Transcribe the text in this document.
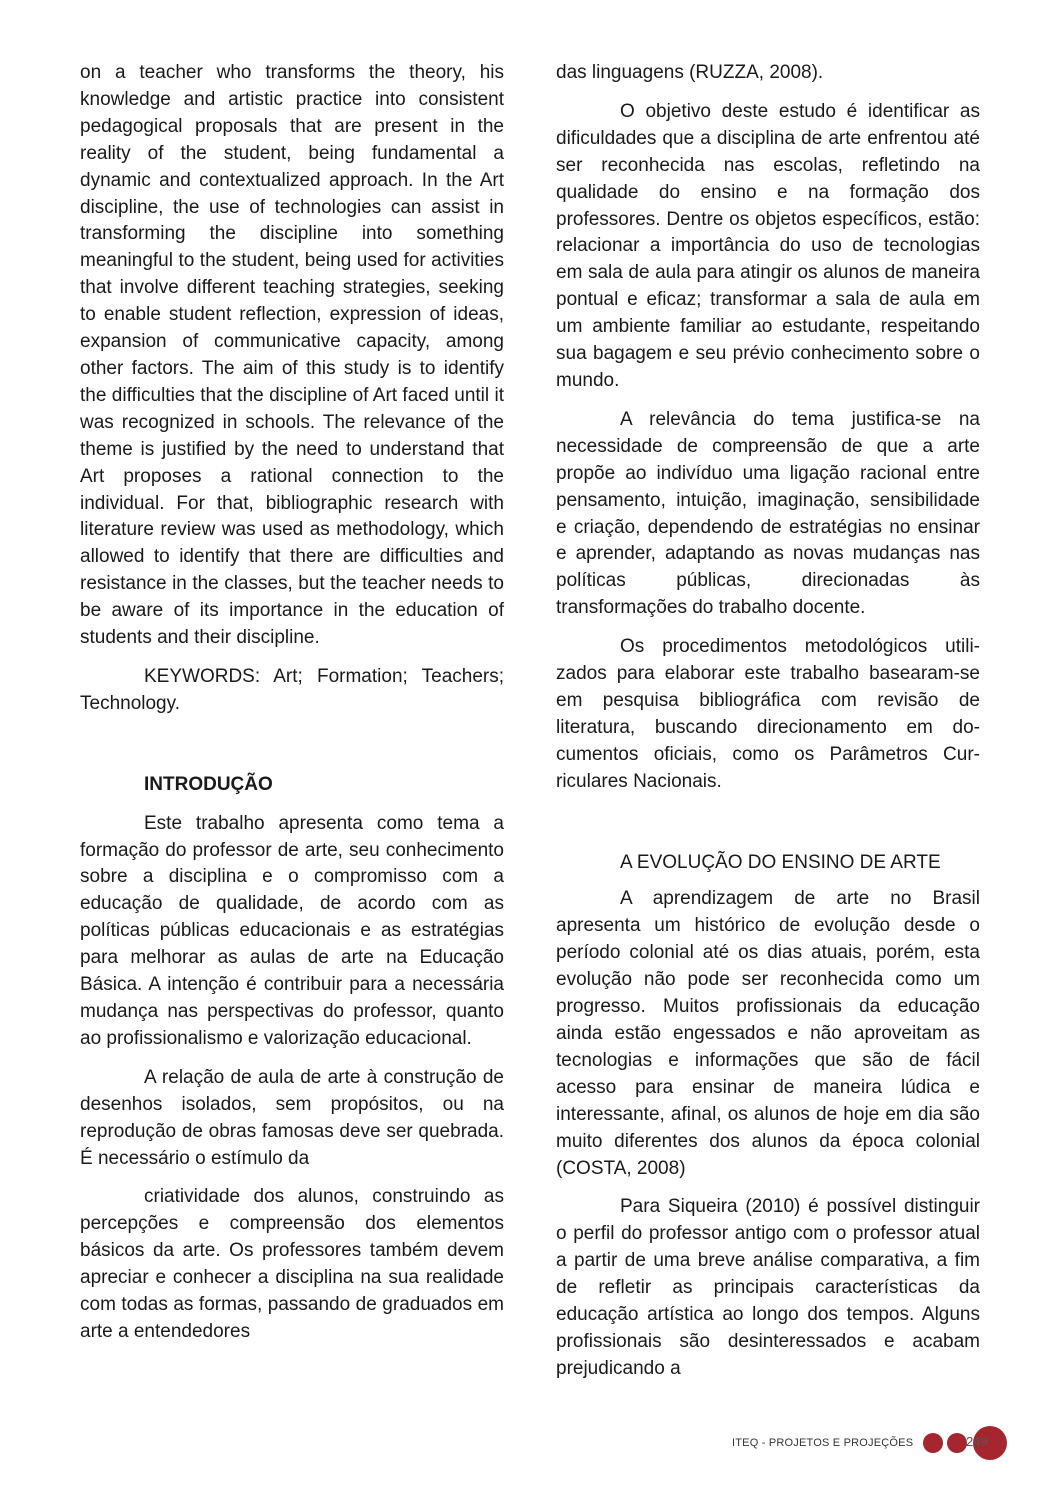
on a teacher who transforms the theory, his knowledge and artistic practice into consistent pedagogical proposals that are present in the reality of the student, being fundamental a dynamic and contextualized approach. In the Art discipline, the use of technologies can assist in transforming the discipline into something meaningful to the student, being used for activities that involve different teaching strategies, seeking to enable student reflection, expression of ideas, expansion of communicative capacity, among other factors. The aim of this study is to identify the difficulties that the discipline of Art faced until it was recognized in schools. The relevance of the theme is justified by the need to understand that Art proposes a rational connection to the individual. For that, bibliographic research with literature review was used as methodology, which allowed to identify that there are difficulties and resistance in the classes, but the teacher needs to be aware of its importance in the education of students and their discipline.

KEYWORDS: Art; Formation; Teachers; Technology.

INTRODUÇÃO

Este trabalho apresenta como tema a formação do professor de arte, seu conhecimento sobre a disciplina e o compromisso com a educação de qualidade, de acordo com as políticas públicas educacionais e as estratégias para melhorar as aulas de arte na Educação Básica. A intenção é contribuir para a necessária mudança nas perspectivas do professor, quanto ao profissionalismo e valorização educacional.

A relação de aula de arte à construção de desenhos isolados, sem propósitos, ou na reprodução de obras famosas deve ser quebrada. É necessário o estímulo da

criatividade dos alunos, construindo as percepções e compreensão dos elementos básicos da arte. Os professores também devem apreciar e conhecer a disciplina na sua realidade com todas as formas, passando de graduados em arte a entendedores

das linguagens (RUZZA, 2008).

O objetivo deste estudo é identificar as dificuldades que a disciplina de arte enfrentou até ser reconhecida nas escolas, refletindo na qualidade do ensino e na formação dos professores. Dentre os objetos específicos, estão: relacionar a importância do uso de tecnologias em sala de aula para atingir os alunos de maneira pontual e eficaz; transformar a sala de aula em um ambiente familiar ao estudante, respeitando sua bagagem e seu prévio conhecimento sobre o mundo.

A relevância do tema justifica-se na necessidade de compreensão de que a arte propõe ao indivíduo uma ligação racional entre pensamento, intuição, imaginação, sensibilidade e criação, dependendo de estratégias no ensinar e aprender, adaptando as novas mudanças nas políticas públicas, direcionadas às transformações do trabalho docente.

Os procedimentos metodológicos utilizados para elaborar este trabalho basearam-se em pesquisa bibliográfica com revisão de literatura, buscando direcionamento em documentos oficiais, como os Parâmetros Curriculares Nacionais.

A EVOLUÇÃO DO ENSINO DE ARTE

A aprendizagem de arte no Brasil apresenta um histórico de evolução desde o período colonial até os dias atuais, porém, esta evolução não pode ser reconhecida como um progresso. Muitos profissionais da educação ainda estão engessados e não aproveitam as tecnologias e informações que são de fácil acesso para ensinar de maneira lúdica e interessante, afinal, os alunos de hoje em dia são muito diferentes dos alunos da época colonial (COSTA, 2008)

Para Siqueira (2010) é possível distinguir o perfil do professor antigo com o professor atual a partir de uma breve análise comparativa, a fim de refletir as principais características da educação artística ao longo dos tempos. Alguns profissionais são desinteressados e acabam prejudicando a

ITEQ - PROJETOS E PROJEÇÕES	249
